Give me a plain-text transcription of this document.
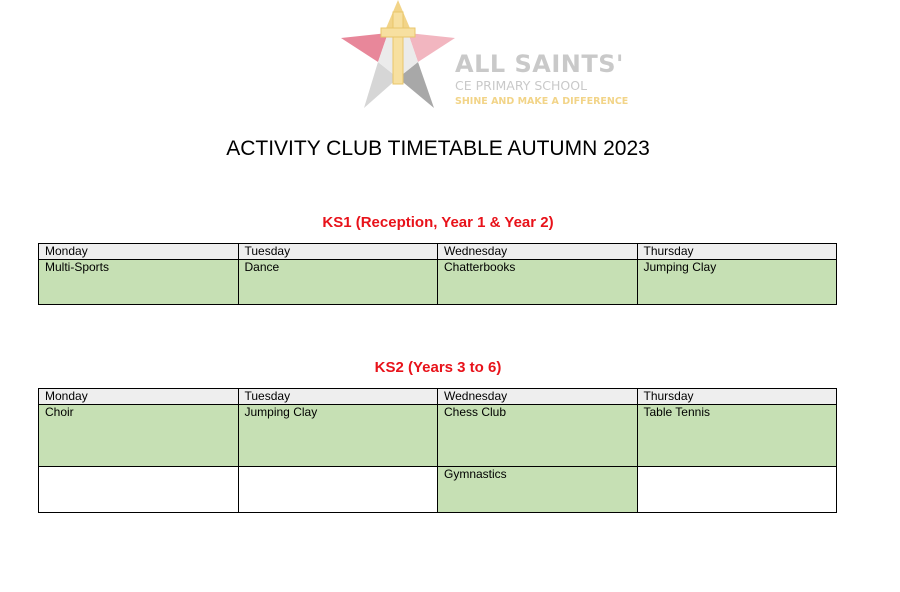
ALL SAINTS'
CE PRIMARY SCHOOL
SHINE AND MAKE A DIFFERENCE
ACTIVITY CLUB TIMETABLE AUTUMN 2023
KS1 (Reception, Year 1 & Year 2)
Monday	Tuesday	Wednesday	Thursday
Multi-Sports	Dance	Chatterbooks	Jumping Clay
KS2 (Years 3 to 6)
Monday	Tuesday	Wednesday	Thursday
Choir	Jumping Clay	Chess Club	Table Tennis
		Gymnastics	
